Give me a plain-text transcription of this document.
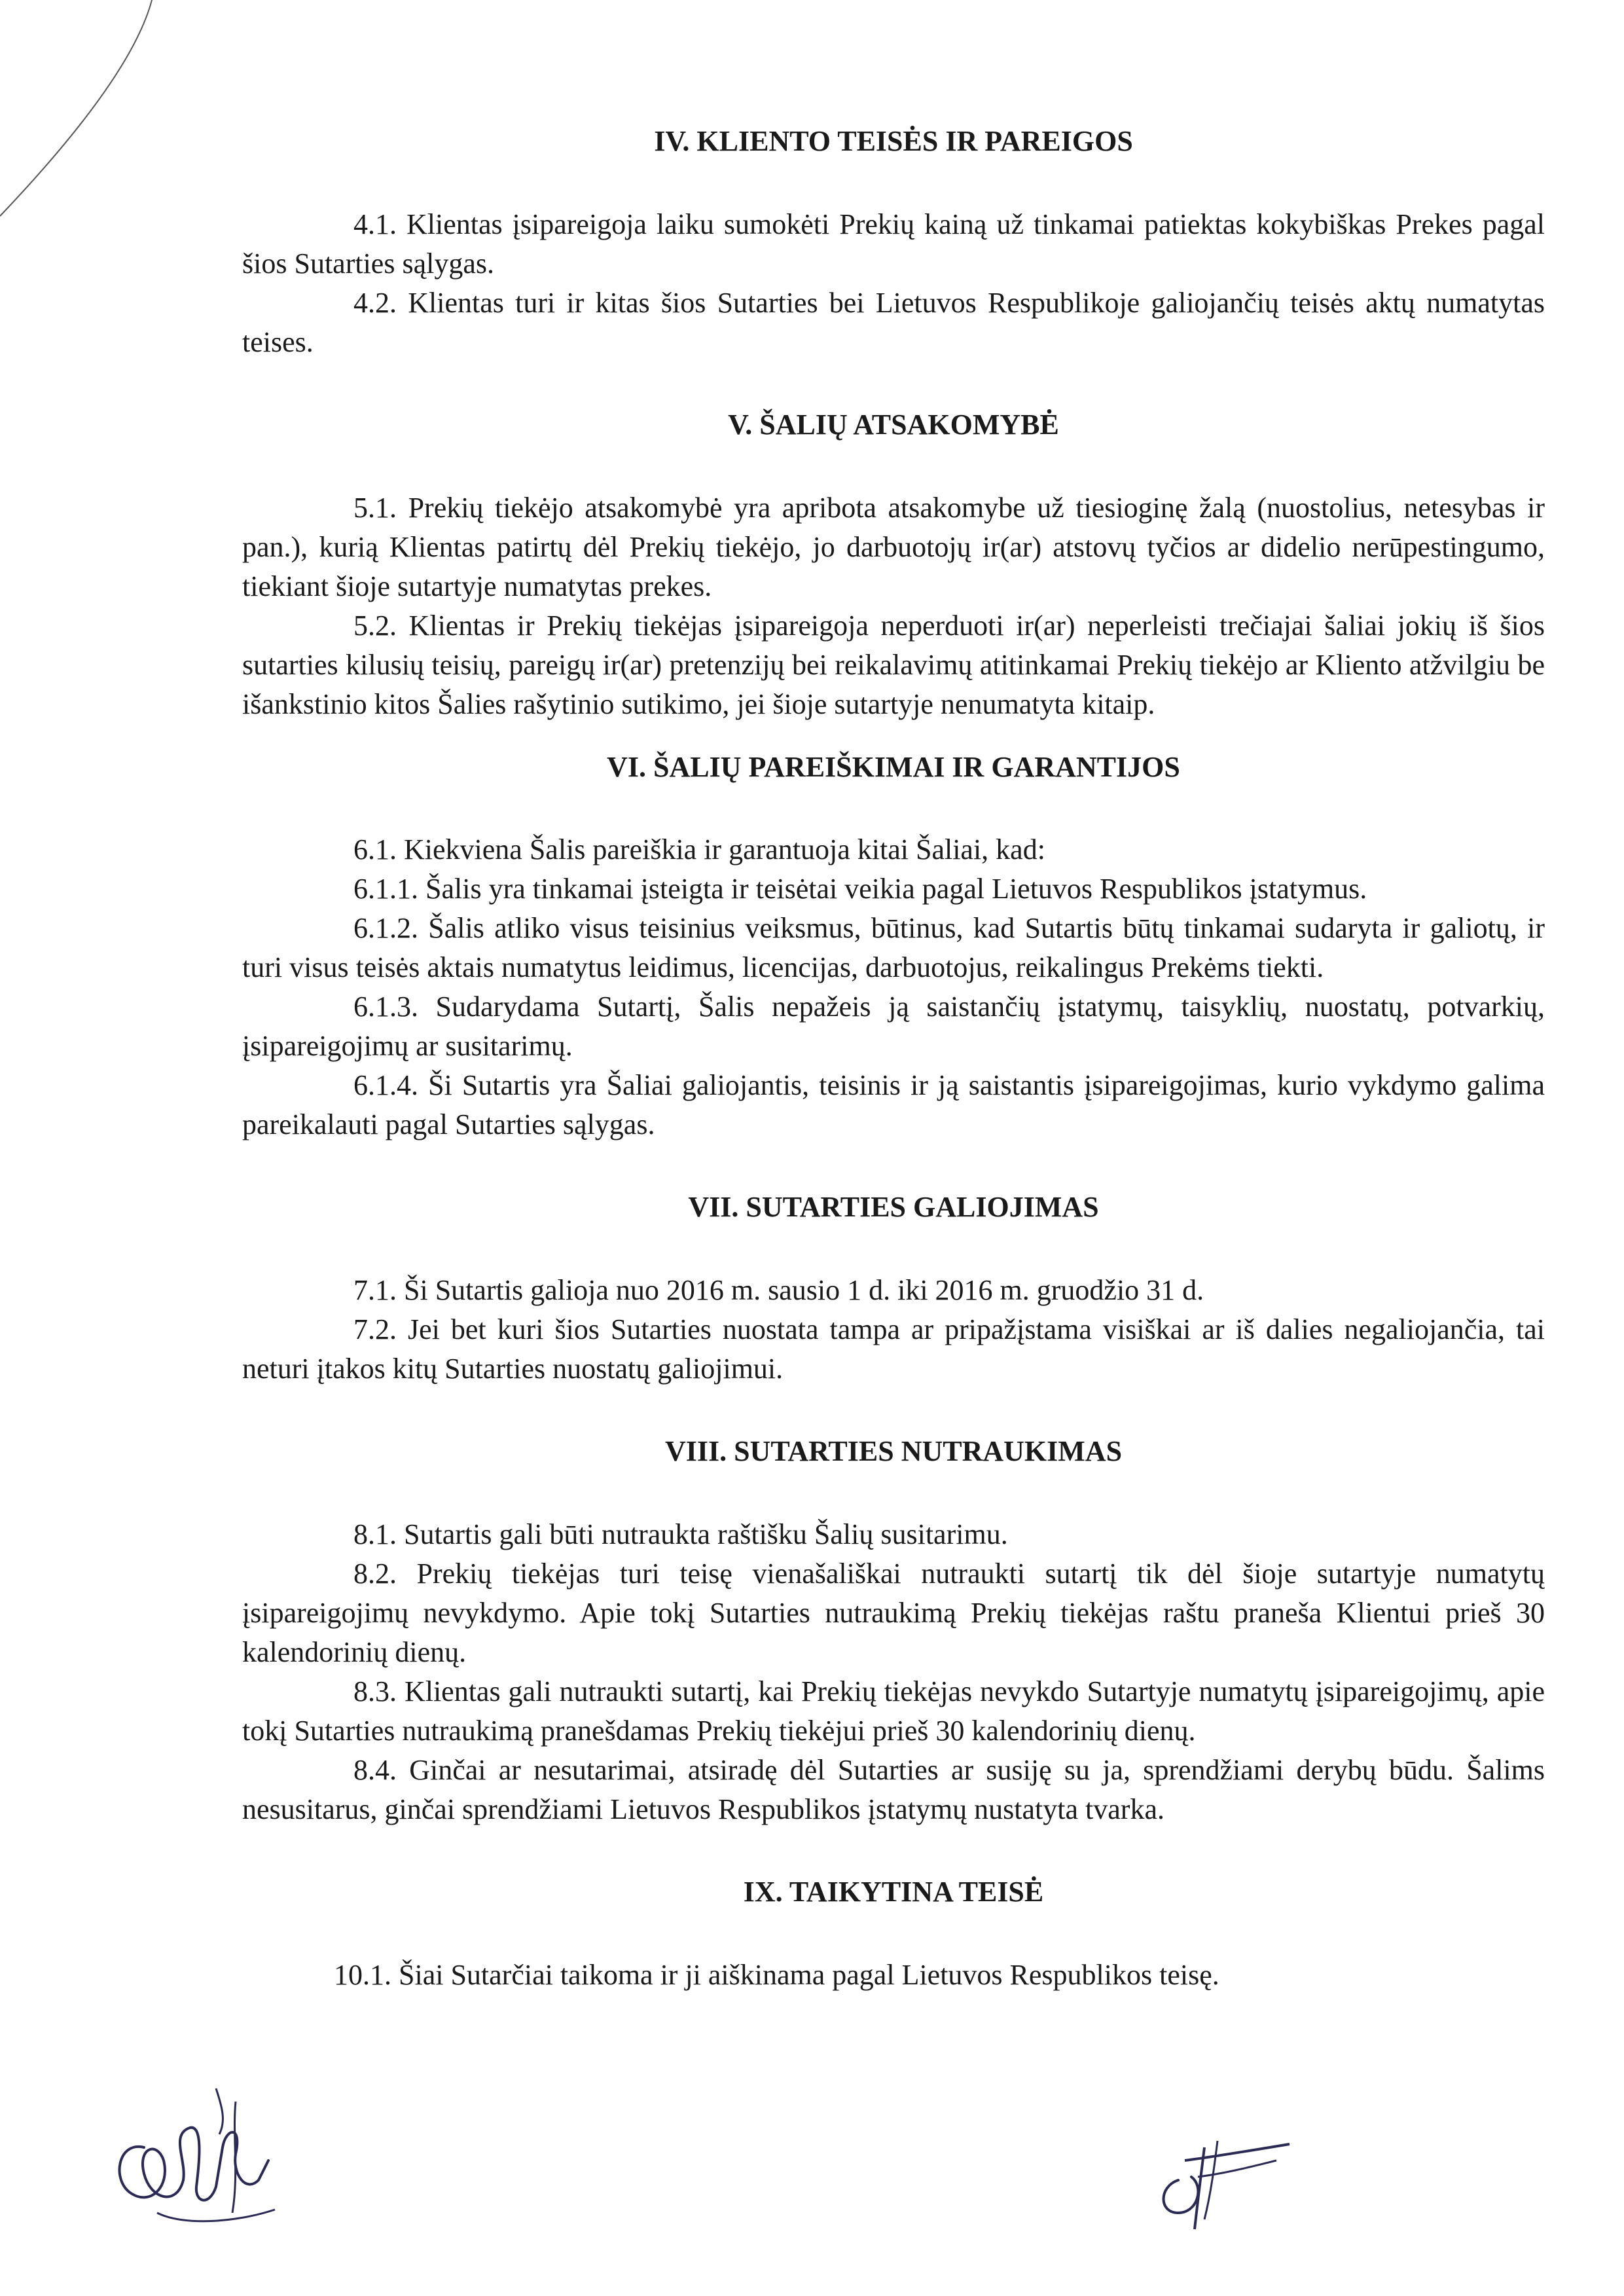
IV. KLIENTO TEISĖS IR PAREIGOS

4.1. Klientas įsipareigoja laiku sumokėti Prekių kainą už tinkamai patiektas kokybiškas Prekes pagal šios Sutarties sąlygas.

4.2. Klientas turi ir kitas šios Sutarties bei Lietuvos Respublikoje galiojančių teisės aktų numatytas teises.

V. ŠALIŲ ATSAKOMYBĖ

5.1. Prekių tiekėjo atsakomybė yra apribota atsakomybe už tiesioginę žalą (nuostolius, netesybas ir pan.), kurią Klientas patirtų dėl Prekių tiekėjo, jo darbuotojų ir(ar) atstovų tyčios ar didelio nerūpestingumo, tiekiant šioje sutartyje numatytas prekes.

5.2. Klientas ir Prekių tiekėjas įsipareigoja neperduoti ir(ar) neperleisti trečiajai šaliai jokių iš šios sutarties kilusių teisių, pareigų ir(ar) pretenzijų bei reikalavimų atitinkamai Prekių tiekėjo ar Kliento atžvilgiu be išankstinio kitos Šalies rašytinio sutikimo, jei šioje sutartyje nenumatyta kitaip.

VI. ŠALIŲ PAREIŠKIMAI IR GARANTIJOS

6.1. Kiekviena Šalis pareiškia ir garantuoja kitai Šaliai, kad:

6.1.1. Šalis yra tinkamai įsteigta ir teisėtai veikia pagal Lietuvos Respublikos įstatymus.

6.1.2. Šalis atliko visus teisinius veiksmus, būtinus, kad Sutartis būtų tinkamai sudaryta ir galiotų, ir turi visus teisės aktais numatytus leidimus, licencijas, darbuotojus, reikalingus Prekėms tiekti.

6.1.3. Sudarydama Sutartį, Šalis nepažeis ją saistančių įstatymų, taisyklių, nuostatų, potvarkių, įsipareigojimų ar susitarimų.

6.1.4. Ši Sutartis yra Šaliai galiojantis, teisinis ir ją saistantis įsipareigojimas, kurio vykdymo galima pareikalauti pagal Sutarties sąlygas.

VII. SUTARTIES GALIOJIMAS

7.1. Ši Sutartis galioja nuo 2016 m. sausio 1 d. iki 2016 m. gruodžio 31 d.

7.2. Jei bet kuri šios Sutarties nuostata tampa ar pripažįstama visiškai ar iš dalies negaliojančia, tai neturi įtakos kitų Sutarties nuostatų galiojimui.

VIII. SUTARTIES NUTRAUKIMAS

8.1. Sutartis gali būti nutraukta raštišku Šalių susitarimu.

8.2. Prekių tiekėjas turi teisę vienašališkai nutraukti sutartį tik dėl šioje sutartyje numatytų įsipareigojimų nevykdymo. Apie tokį Sutarties nutraukimą Prekių tiekėjas raštu praneša Klientui prieš 30 kalendorinių dienų.

8.3. Klientas gali nutraukti sutartį, kai Prekių tiekėjas nevykdo Sutartyje numatytų įsipareigojimų, apie tokį Sutarties nutraukimą pranešdamas Prekių tiekėjui prieš 30 kalendorinių dienų.

8.4. Ginčai ar nesutarimai, atsiradę dėl Sutarties ar susiję su ja, sprendžiami derybų būdu. Šalims nesusitarus, ginčai sprendžiami Lietuvos Respublikos įstatymų nustatyta tvarka.

IX. TAIKYTINA TEISĖ

10.1. Šiai Sutarčiai taikoma ir ji aiškinama pagal Lietuvos Respublikos teisę.
